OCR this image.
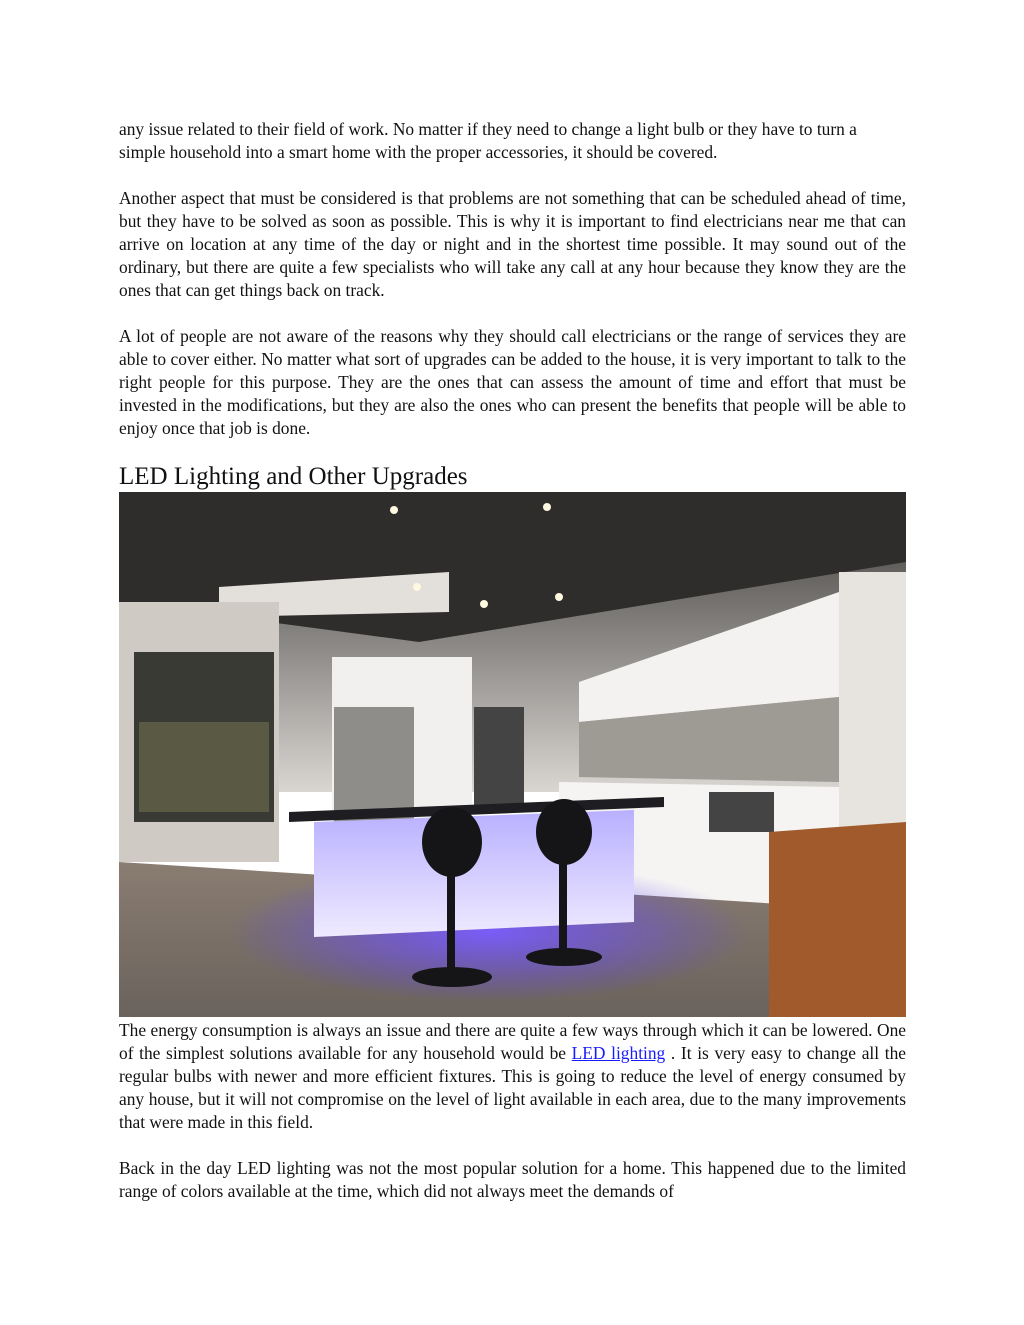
any issue related to their field of work. No matter if they need to change a light bulb or they have to turn a simple household into a smart home with the proper accessories, it should be covered.

Another aspect that must be considered is that problems are not something that can be scheduled ahead of time, but they have to be solved as soon as possible. This is why it is important to find electricians near me that can arrive on location at any time of the day or night and in the shortest time possible. It may sound out of the ordinary, but there are quite a few specialists who will take any call at any hour because they know they are the ones that can get things back on track.

A lot of people are not aware of the reasons why they should call electricians or the range of services they are able to cover either. No matter what sort of upgrades can be added to the house, it is very important to talk to the right people for this purpose. They are the ones that can assess the amount of time and effort that must be invested in the modifications, but they are also the ones who can present the benefits that people will be able to enjoy once that job is done.

LED Lighting and Other Upgrades

The energy consumption is always an issue and there are quite a few ways through which it can be lowered. One of the simplest solutions available for any household would be LED lighting . It is very easy to change all the regular bulbs with newer and more efficient fixtures. This is going to reduce the level of energy consumed by any house, but it will not compromise on the level of light available in each area, due to the many improvements that were made in this field.

Back in the day LED lighting was not the most popular solution for a home. This happened due to the limited range of colors available at the time, which did not always meet the demands of
